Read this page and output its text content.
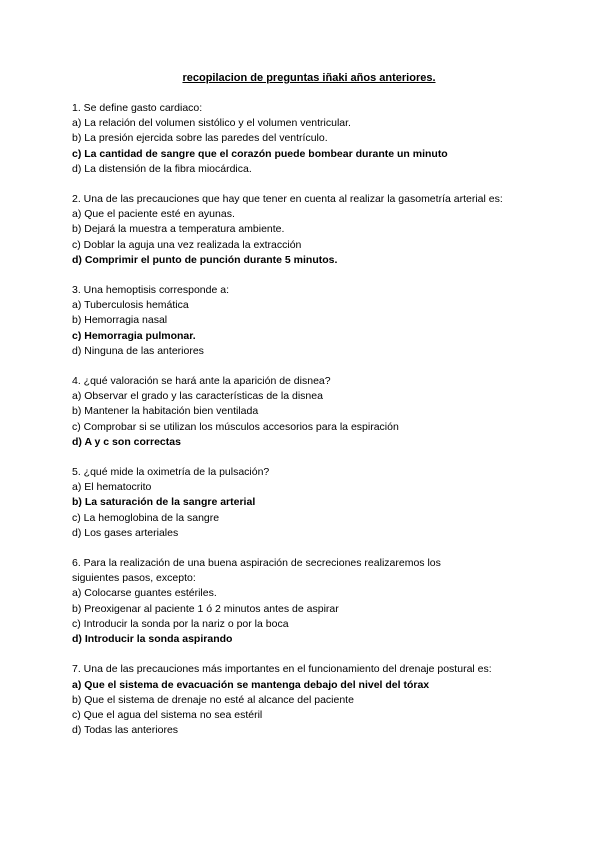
recopilacion de preguntas iñaki años anteriores.
1. Se define gasto cardiaco:
a) La relación del volumen sistólico y el volumen ventricular.
b) La presión ejercida sobre las paredes del ventrículo.
c) La cantidad de sangre que el corazón puede bombear durante un minuto
d) La distensión de la fibra miocárdica.
2. Una de las precauciones que hay que tener en cuenta al realizar la gasometría arterial es:
a) Que el paciente esté en ayunas.
b) Dejará la muestra a temperatura ambiente.
c) Doblar la aguja una vez realizada la extracción
d) Comprimir el punto de punción durante 5 minutos.
3. Una hemoptisis corresponde a:
a) Tuberculosis hemática
b) Hemorragia nasal
c) Hemorragia pulmonar.
d) Ninguna de las anteriores
4. ¿qué valoración se hará ante la aparición de disnea?
a) Observar el grado y las características de la disnea
b) Mantener la habitación bien ventilada
c) Comprobar si se utilizan los músculos accesorios para la espiración
d) A y c son correctas
5. ¿qué mide la oximetría de la pulsación?
a) El hematocrito
b) La saturación de la sangre arterial
c) La hemoglobina de la sangre
d) Los gases arteriales
6. Para la realización de una buena aspiración de secreciones realizaremos los siguientes pasos, excepto:
a) Colocarse guantes estériles.
b) Preoxigenar al paciente 1 ó 2 minutos antes de aspirar
c) Introducir la sonda por la nariz o por la boca
d) Introducir la sonda aspirando
7. Una de las precauciones más importantes en el funcionamiento del drenaje postural es:
a) Que el sistema de evacuación se mantenga debajo del nivel del tórax
b) Que el sistema de drenaje no esté al alcance del paciente
c) Que el agua del sistema no sea estéril
d) Todas las anteriores
